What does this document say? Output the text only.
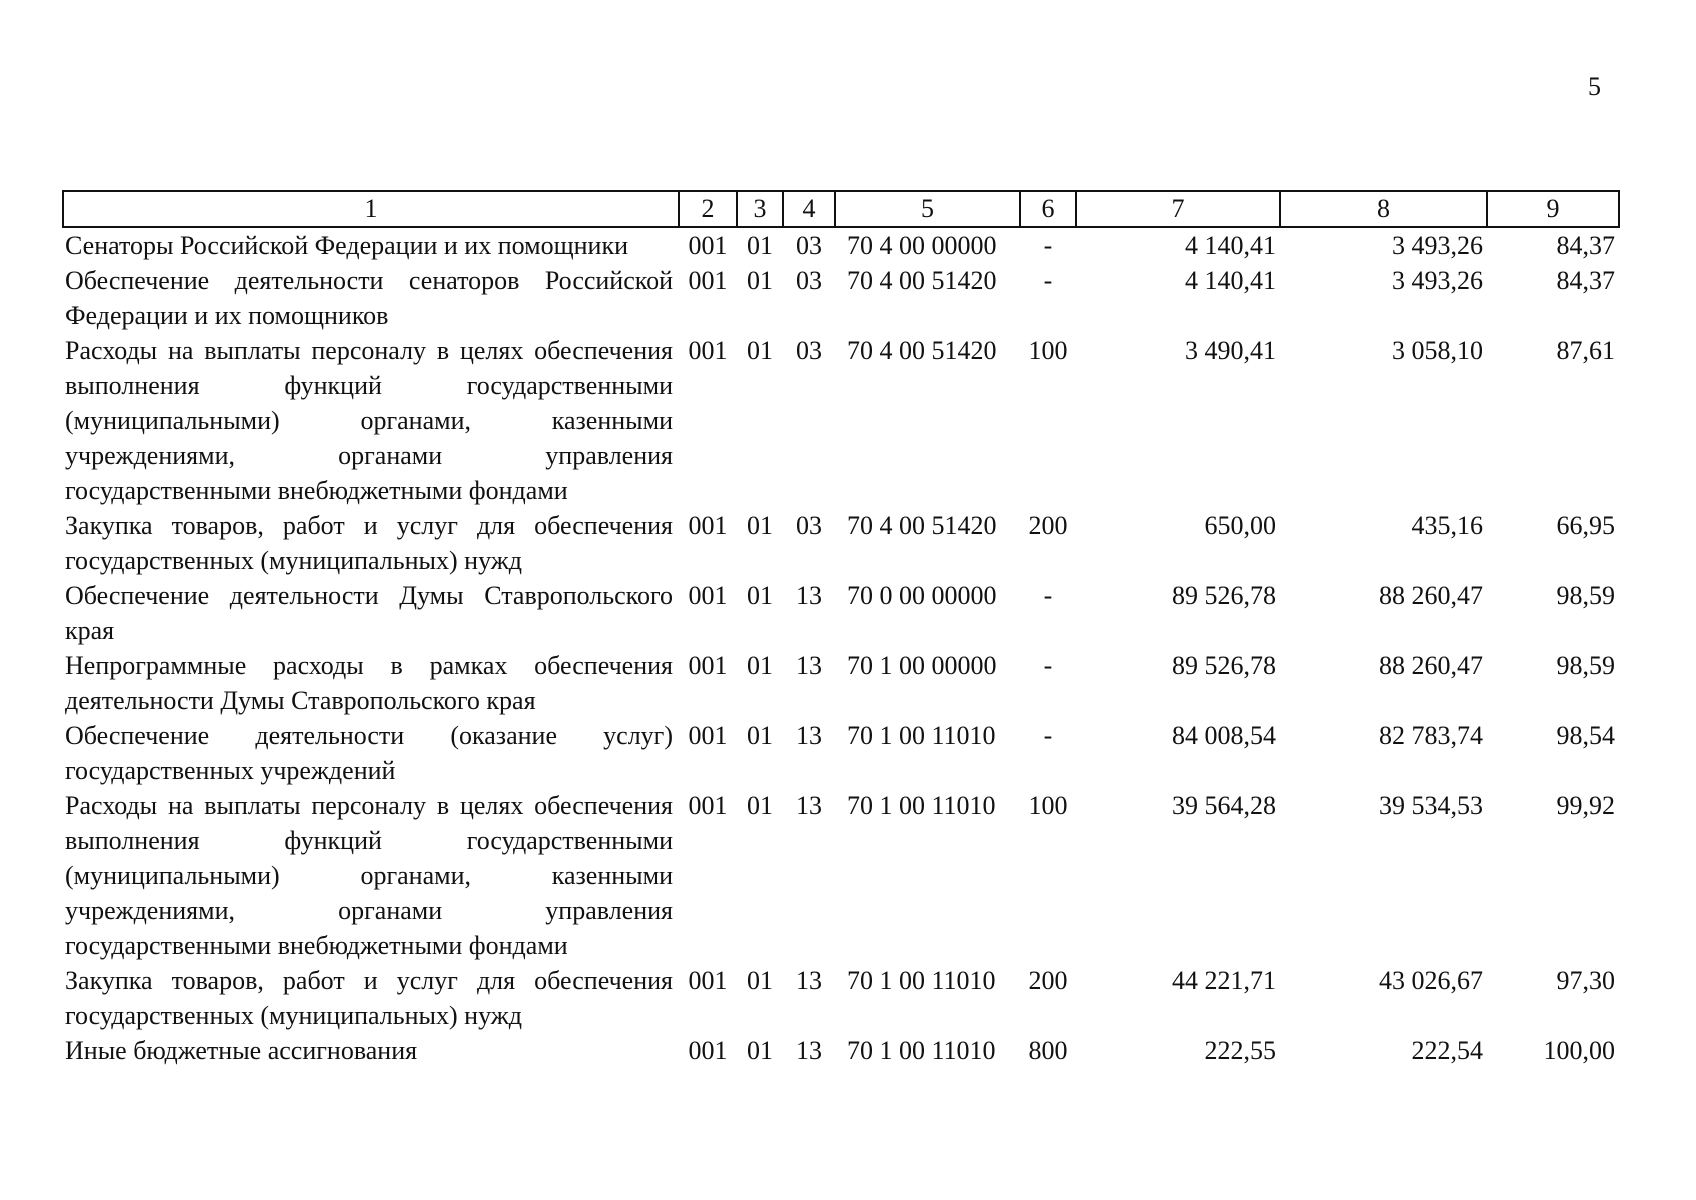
5
1	2	3	4	5	6	7	8	9
Сенаторы Российской Федерации и их помощники	001	01	03	70 4 00 00000	-	4 140,41	3 493,26	84,37
Обеспечение деятельности сенаторов Российской Федерации и их помощников	001	01	03	70 4 00 51420	-	4 140,41	3 493,26	84,37
Расходы на выплаты персоналу в целях обеспечения выполнения функций государственными (муниципальными) органами, казенными учреждениями, органами управления государственными внебюджетными фондами	001	01	03	70 4 00 51420	100	3 490,41	3 058,10	87,61
Закупка товаров, работ и услуг для обеспечения государственных (муниципальных) нужд	001	01	03	70 4 00 51420	200	650,00	435,16	66,95
Обеспечение деятельности Думы Ставропольского края	001	01	13	70 0 00 00000	-	89 526,78	88 260,47	98,59
Непрограммные расходы в рамках обеспечения деятельности Думы Ставропольского края	001	01	13	70 1 00 00000	-	89 526,78	88 260,47	98,59
Обеспечение деятельности (оказание услуг) государственных учреждений	001	01	13	70 1 00 11010	-	84 008,54	82 783,74	98,54
Расходы на выплаты персоналу в целях обеспечения выполнения функций государственными (муниципальными) органами, казенными учреждениями, органами управления государственными внебюджетными фондами	001	01	13	70 1 00 11010	100	39 564,28	39 534,53	99,92
Закупка товаров, работ и услуг для обеспечения государственных (муниципальных) нужд	001	01	13	70 1 00 11010	200	44 221,71	43 026,67	97,30
Иные бюджетные ассигнования	001	01	13	70 1 00 11010	800	222,55	222,54	100,00
